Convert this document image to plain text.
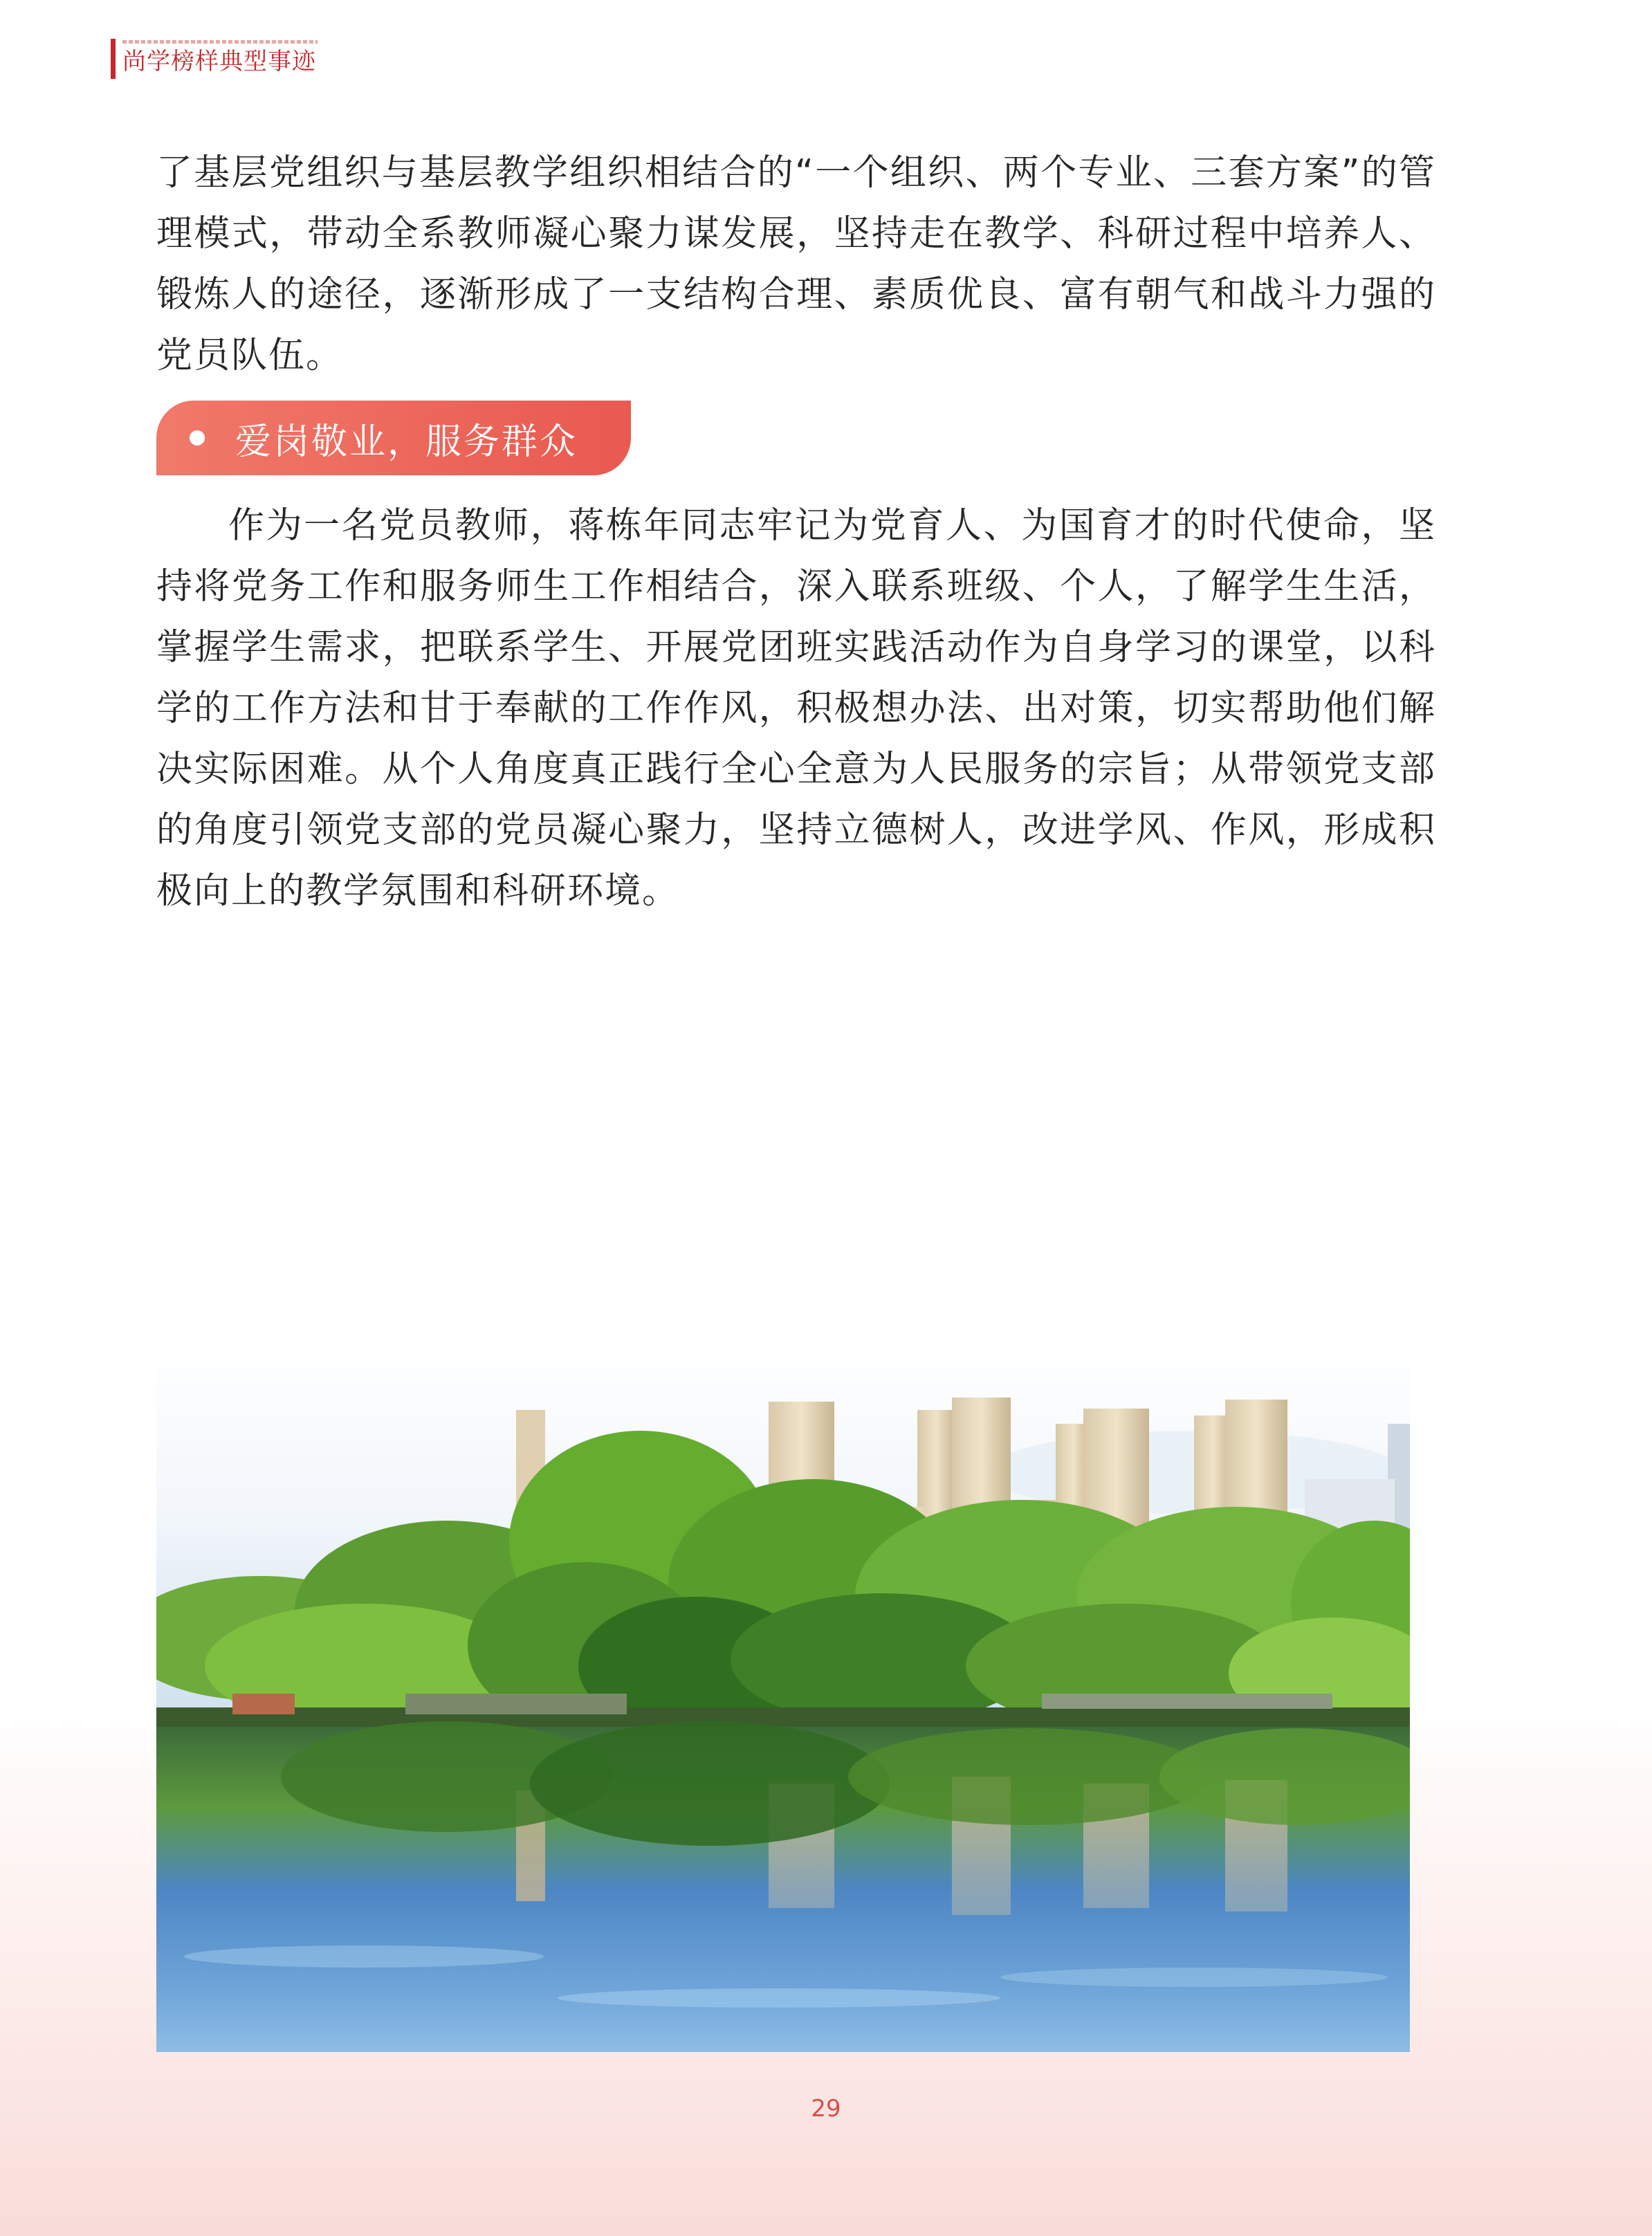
尚学榜样典型事迹

了基层党组织与基层教学组织相结合的“一个组织、两个专业、三套方案”的管理模式，带动全系教师凝心聚力谋发展，坚持走在教学、科研过程中培养人、锻炼人的途径，逐渐形成了一支结构合理、素质优良、富有朝气和战斗力强的党员队伍。

爱岗敬业，服务群众

作为一名党员教师，蒋栋年同志牢记为党育人、为国育才的时代使命，坚持将党务工作和服务师生工作相结合，深入联系班级、个人，了解学生生活，掌握学生需求，把联系学生、开展党团班实践活动作为自身学习的课堂，以科学的工作方法和甘于奉献的工作作风，积极想办法、出对策，切实帮助他们解决实际困难。从个人角度真正践行全心全意为人民服务的宗旨；从带领党支部的角度引领党支部的党员凝心聚力，坚持立德树人，改进学风、作风，形成积极向上的教学氛围和科研环境。

29
